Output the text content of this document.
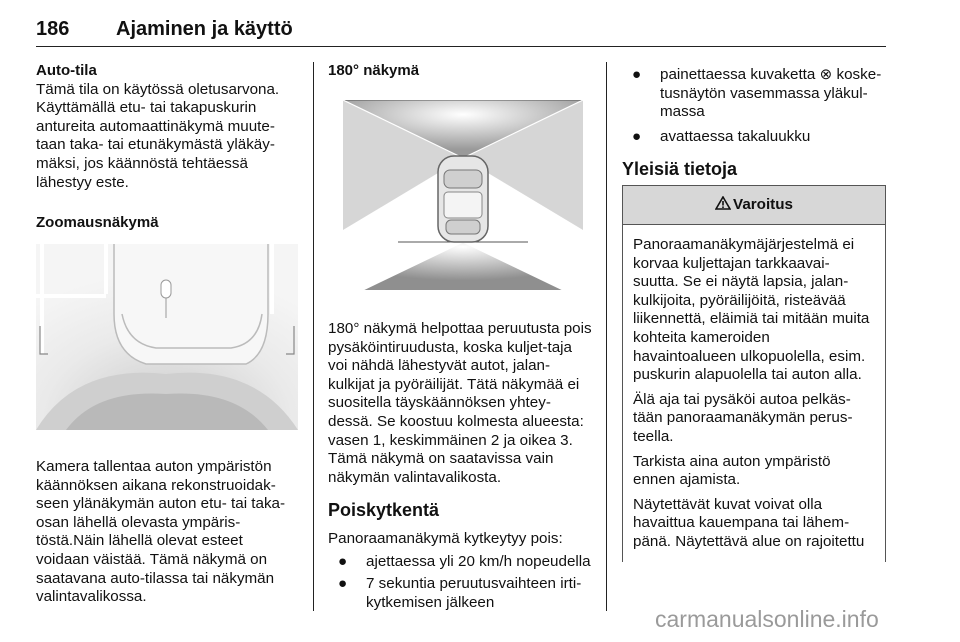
186 Ajaminen ja käyttö

Auto-tila

Tämä tila on käytössä oletusarvona. Käyttämällä etu- tai takapuskurin antureita automaattinäkymä muute-taan taka- tai etunäkymästä yläkäy-mäksi, jos käännöstä tehtäessä lähestyy este.

Zoomausnäkymä

Kamera tallentaa auton ympäristön käännöksen aikana rekonstruoidak-seen ylänäkymän auton etu- tai taka-osan lähellä olevasta ympäris-töstä.Näin lähellä olevat esteet voidaan väistää. Tämä näkymä on saatavana auto-tilassa tai näkymän valintavalikossa.

180° näkymä

180° näkymä helpottaa peruutusta pois pysäköintiruudusta, koska kuljet-taja voi nähdä lähestyvät autot, jalan-kulkijat ja pyöräilijät. Tätä näkymää ei suositella täyskäännöksen yhtey-dessä. Se koostuu kolmesta alueesta: vasen 1, keskimmäinen 2 ja oikea 3. Tämä näkymä on saatavissa vain näkymän valintavalikosta.

Poiskytkentä

Panoraamanäkymä kytkeytyy pois:

● ajettaessa yli 20 km/h nopeudella

● 7 sekuntia peruutusvaihteen irti-kytkemisen jälkeen

● painettaessa kuvaketta ⊗ koske-tusnäytön vasemmassa yläkul-massa

● avattaessa takaluukku

Yleisiä tietoja

Varoitus

Panoraamanäkymäjärjestelmä ei korvaa kuljettajan tarkkaavai-suutta. Se ei näytä lapsia, jalan-kulkijoita, pyöräilijöitä, risteävää liikennettä, eläimiä tai mitään muita kohteita kameroiden havaintoalueen ulkopuolella, esim. puskurin alapuolella tai auton alla.

Älä aja tai pysäköi autoa pelkäs-tään panoraamanäkymän perus-teella.

Tarkista aina auton ympäristö ennen ajamista.

Näytettävät kuvat voivat olla havaittua kauempana tai lähem-pänä. Näytettävä alue on rajoitettu

carmanualsonline.info
